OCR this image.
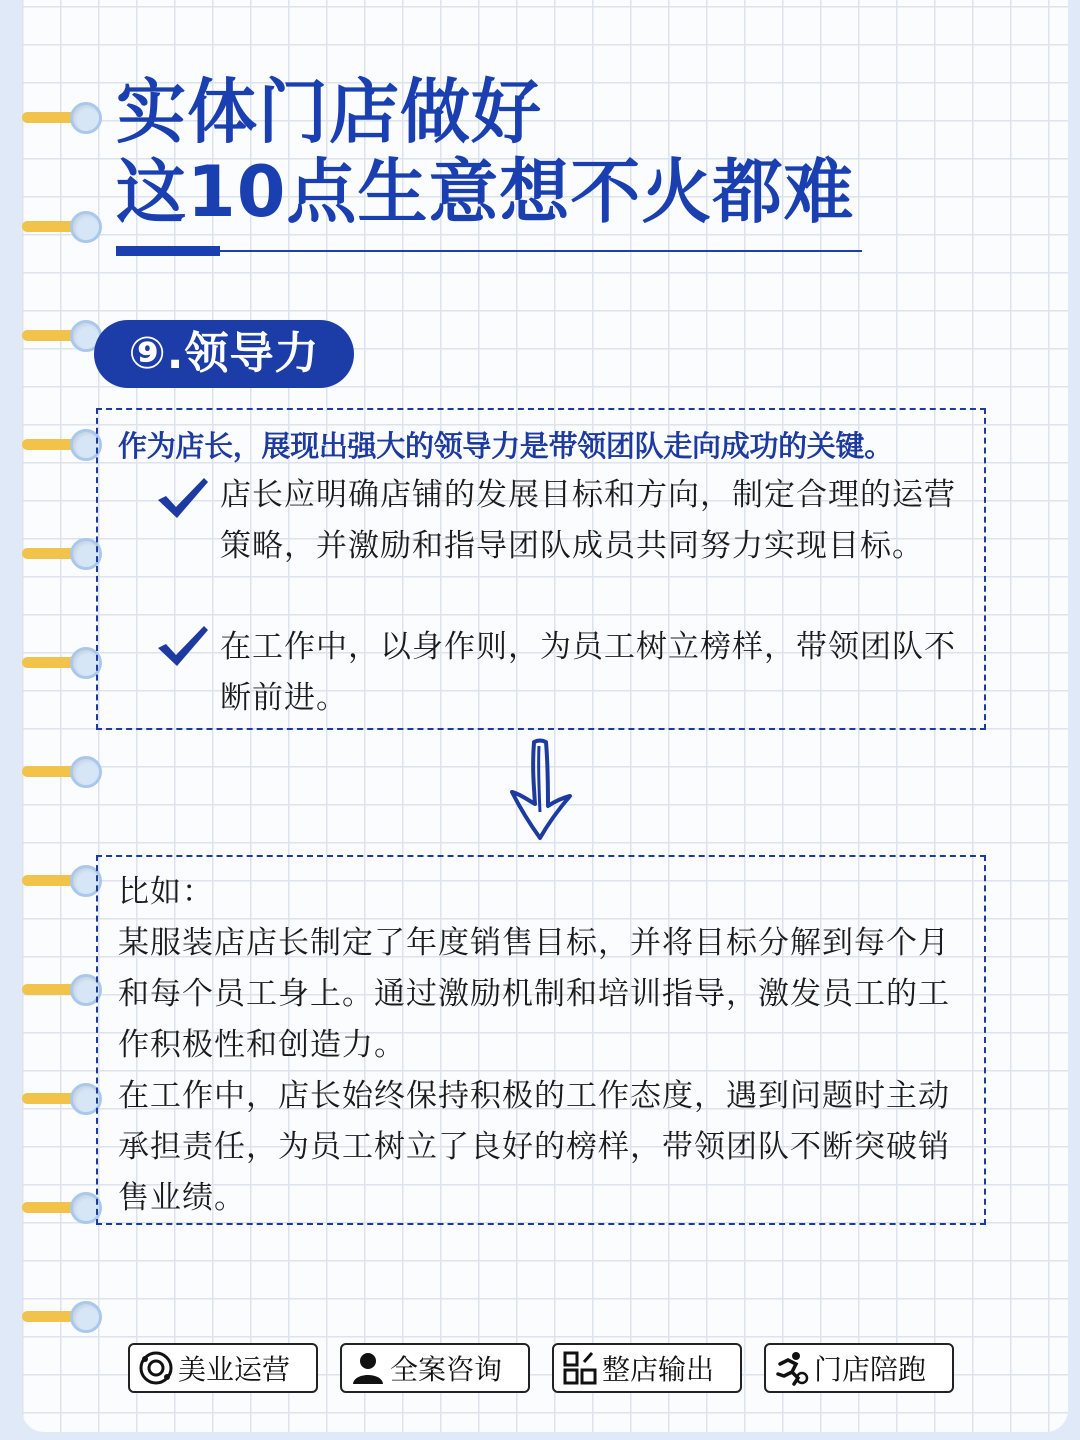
实体门店做好
这10点生意想不火都难
⑨.领导力
作为店长，展现出强大的领导力是带领团队走向成功的关键。
店长应明确店铺的发展目标和方向，制定合理的运营策略，并激励和指导团队成员共同努力实现目标。
在工作中，以身作则，为员工树立榜样，带领团队不断前进。

比如：

某服装店店长制定了年度销售目标，并将目标分解到每个月和每个员工身上。通过激励机制和培训指导，激发员工的工作积极性和创造力。

在工作中，店长始终保持积极的工作态度，遇到问题时主动承担责任，为员工树立了良好的榜样，带领团队不断突破销售业绩。

美业运营	全案咨询	整店输出	门店陪跑
